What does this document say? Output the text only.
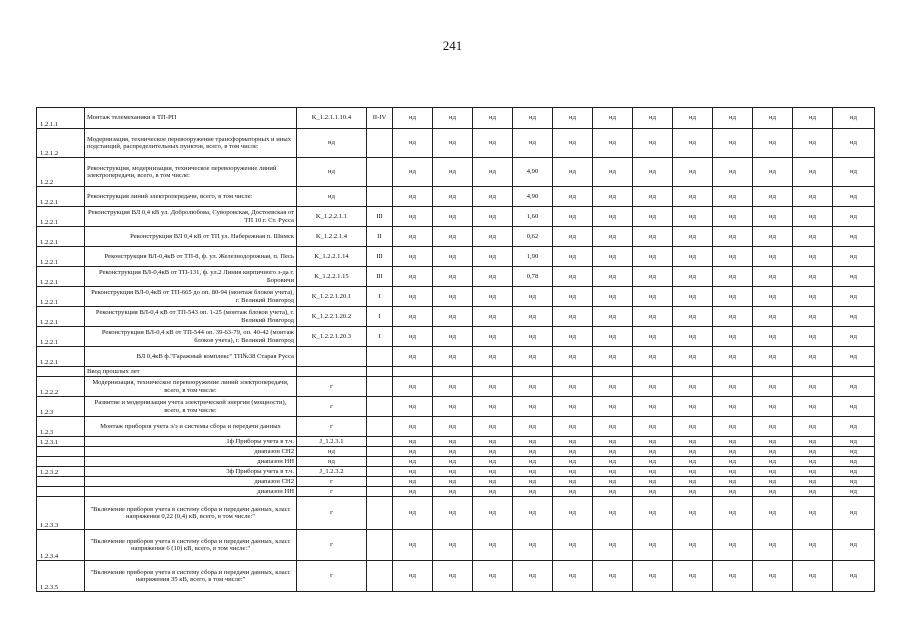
241
1.2.1.1	Монтаж телемеханики в ТП-РП	K_1.2.1.1.10.4	II-IV	нд	нд	нд	нд	нд	нд	нд	нд	нд	нд	нд	нд
1.2.1.2	Модернизация, техническое перевооружение трансформаторных и иных подстанций, распределительных пунктов, всего, в том числе:	нд		нд	нд	нд	нд	нд	нд	нд	нд	нд	нд	нд	нд
1.2.2	Реконструкция, модернизация, техническое перевооружение линий электропередачи, всего, в том числе:	нд		нд	нд	нд	4,90	нд	нд	нд	нд	нд	нд	нд	нд
1.2.2.1	Реконструкция линий электропередачи, всего, в том числе:	нд		нд	нд	нд	4,90	нд	нд	нд	нд	нд	нд	нд	нд
1.2.2.1	Реконструкция ВЛ 0,4 кВ ул. Добролюбова, Суворовская, Достоевская от ТП 10 г. Ст. Русса	K_1.2.2.1.1	III	нд	нд	нд	1,60	нд	нд	нд	нд	нд	нд	нд	нд
1.2.2.1	Реконструкция ВЛ 0,4 кВ от ТП ул. Набережная п. Шимск	K_1.2.2.1.4	II	нд	нд	нд	0,62	нд	нд	нд	нд	нд	нд	нд	нд
1.2.2.1	Реконструкция ВЛ-0,4кВ от ТП-8, ф. ул. Железнодорожная, п. Песь	K_1.2.2.1.14	III	нд	нд	нд	1,90	нд	нд	нд	нд	нд	нд	нд	нд
1.2.2.1	Реконструкция ВЛ-0,4кВ от ТП-131, ф. ул.2 Линия кирпичного з-да г. Боровичи	K_1.2.2.1.15	III	нд	нд	нд	0,78	нд	нд	нд	нд	нд	нд	нд	нд
1.2.2.1	Реконструкция ВЛ-0,4кВ от ТП-665 до оп. 80-94 (монтаж блоков учета), г. Великий Новгород	K_1.2.2.1.20.1	I	нд	нд	нд	нд	нд	нд	нд	нд	нд	нд	нд	нд
1.2.2.1	Реконструкция ВЛ-0,4 кВ от ТП-543 оп. 1-25 (монтаж блоков учета), г. Великий Новгород	K_1.2.2.1.20.2	I	нд	нд	нд	нд	нд	нд	нд	нд	нд	нд	нд	нд
1.2.2.1	Реконструкция ВЛ-0,4 кВ от ТП-544 оп. 39-63-79, оп. 40-42 (монтаж блоков учета), г. Великий Новгород	K_1.2.2.1.20.3	I	нд	нд	нд	нд	нд	нд	нд	нд	нд	нд	нд	нд
1.2.2.1	ВЛ 0,4кВ ф."Гаражный комплекс" ТП№38 Старая Русса			нд	нд	нд	нд	нд	нд	нд	нд	нд	нд	нд	нд
	Ввод прошлых лет														
1.2.2.2	Модернизация, техническое перевооружение линий электропередачи, всего, в том числе:	г		нд	нд	нд	нд	нд	нд	нд	нд	нд	нд	нд	нд
1.2.3	Развитие и модернизация учета электрической энергии (мощности), всего, в том числе:	г		нд	нд	нд	нд	нд	нд	нд	нд	нд	нд	нд	нд
1.2.3	Монтаж приборов учета э/э и системы сбора и передачи данных	г		нд	нд	нд	нд	нд	нд	нд	нд	нд	нд	нд	нд
1.2.3.1	1ф Приборы учета в т.ч.	J_1.2.3.1		нд	нд	нд	нд	нд	нд	нд	нд	нд	нд	нд	нд
	диапазон СН2	нд		нд	нд	нд	нд	нд	нд	нд	нд	нд	нд	нд	нд
	диапазон НН	нд		нд	нд	нд	нд	нд	нд	нд	нд	нд	нд	нд	нд
1.2.3.2	3ф Приборы учета в т.ч.	J_1.2.3.2		нд	нд	нд	нд	нд	нд	нд	нд	нд	нд	нд	нд
	диапазон СН2	г		нд	нд	нд	нд	нд	нд	нд	нд	нд	нд	нд	нд
	диапазон НН	г		нд	нд	нд	нд	нд	нд	нд	нд	нд	нд	нд	нд
1.2.3.3	"Включение приборов учета в систему сбора и передачи данных, класс напряжения 0,22 (0,4) кВ, всего, в том числе:"	г		нд	нд	нд	нд	нд	нд	нд	нд	нд	нд	нд	нд
1.2.3.4	"Включение приборов учета в систему сбора и передачи данных, класс напряжения 6 (10) кВ, всего, в том числе:"	г		нд	нд	нд	нд	нд	нд	нд	нд	нд	нд	нд	нд
1.2.3.5	"Включение приборов учета в систему сбора и передачи данных, класс напряжения 35 кВ, всего, в том числе:"	г		нд	нд	нд	нд	нд	нд	нд	нд	нд	нд	нд	нд
